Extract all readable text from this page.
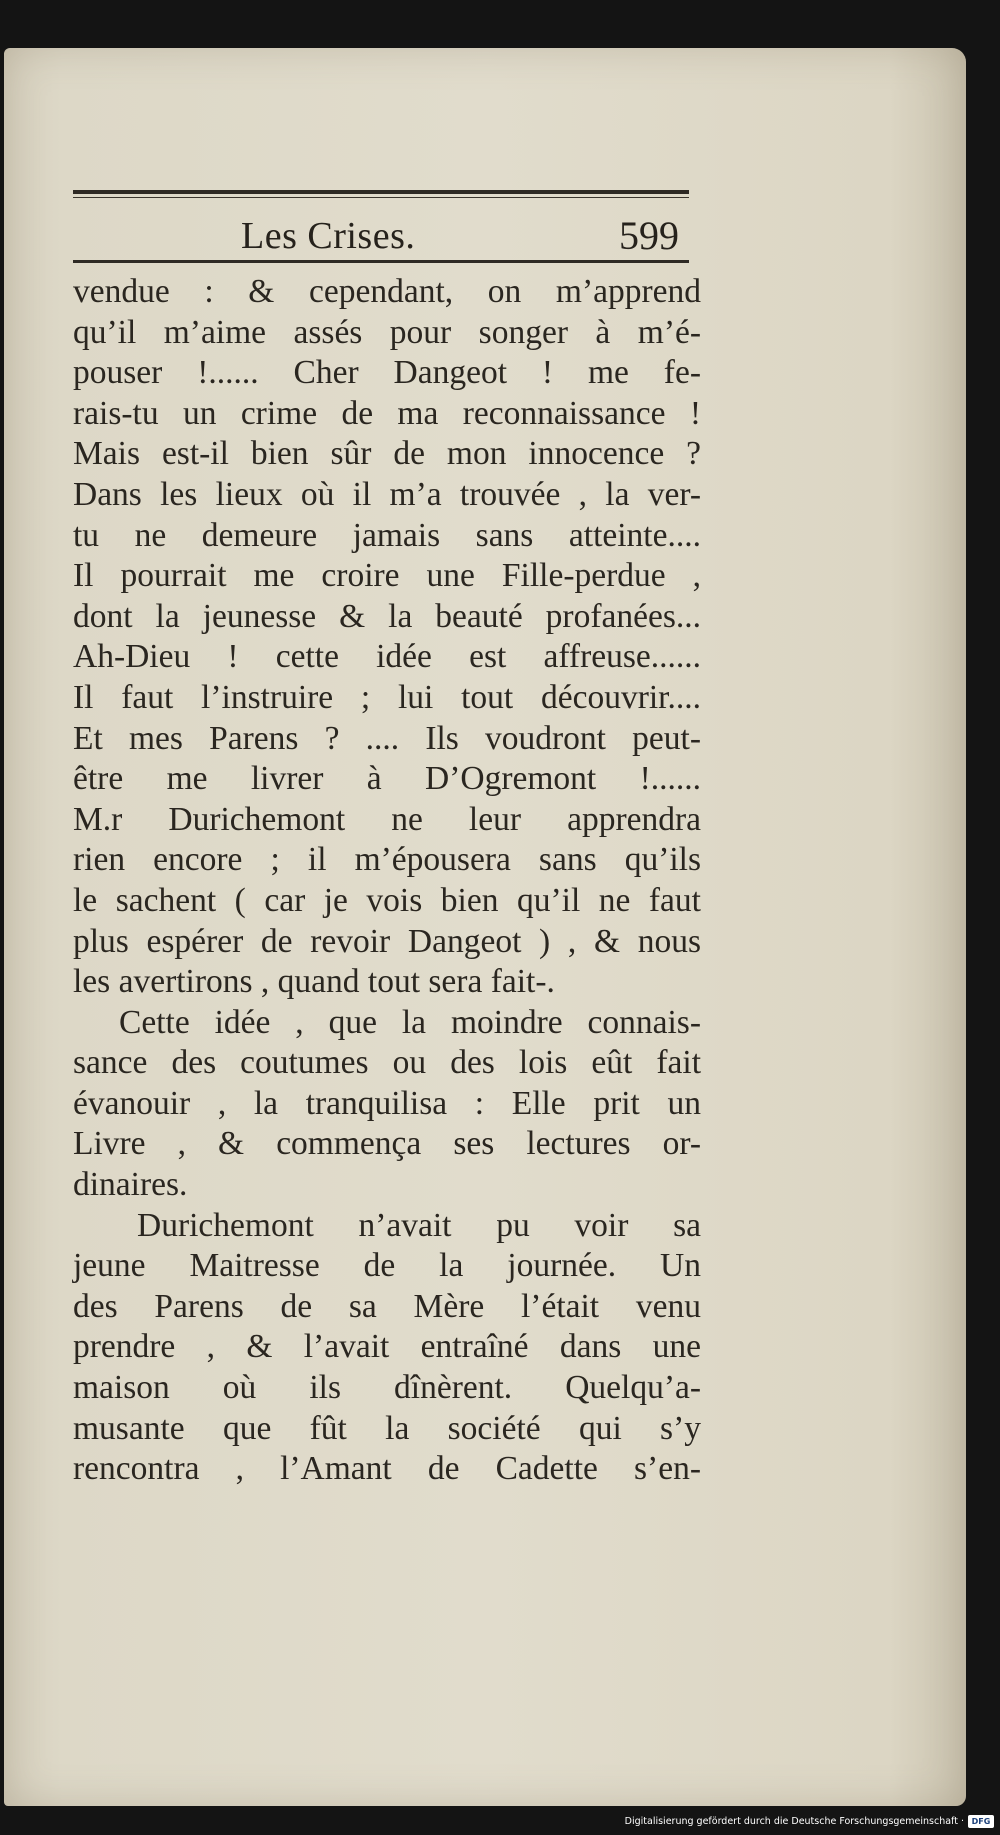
Les Crises.	599
vendue : & cependant, on m’apprend
qu’il m’aime assés pour songer à m’é-
pouser !...... Cher Dangeot ! me fe-
rais-tu un crime de ma reconnaissance !
Mais est-il bien sûr de mon innocence ?
Dans les lieux où il m’a trouvée , la ver-
tu ne demeure jamais sans atteinte....
Il pourrait me croire une Fille-perdue ,
dont la jeunesse & la beauté profanées...
Ah-Dieu ! cette idée est affreuse......
Il faut l’instruire ; lui tout découvrir....
Et mes Parens ? .... Ils voudront peut-
être me livrer à D’Ogremont !......
M.r Durichemont ne leur apprendra
rien encore ; il m’épousera sans qu’ils
le sachent ( car je vois bien qu’il ne faut
plus espérer de revoir Dangeot ) , & nous
les avertirons , quand tout sera fait-.
Cette idée , que la moindre connais-
sance des coutumes ou des lois eût fait
évanouir , la tranquilisa : Elle prit un
Livre , & commença ses lectures or-
dinaires.
Durichemont n’avait pu voir sa
jeune Maitresse de la journée. Un
des Parens de sa Mère l’était venu
prendre , & l’avait entraîné dans une
maison où ils dînèrent. Quelqu’a-
musante que fût la société qui s’y
rencontra , l’Amant de Cadette s’en-
Digitalisierung gefördert durch die Deutsche Forschungsgemeinschaft · DFG
